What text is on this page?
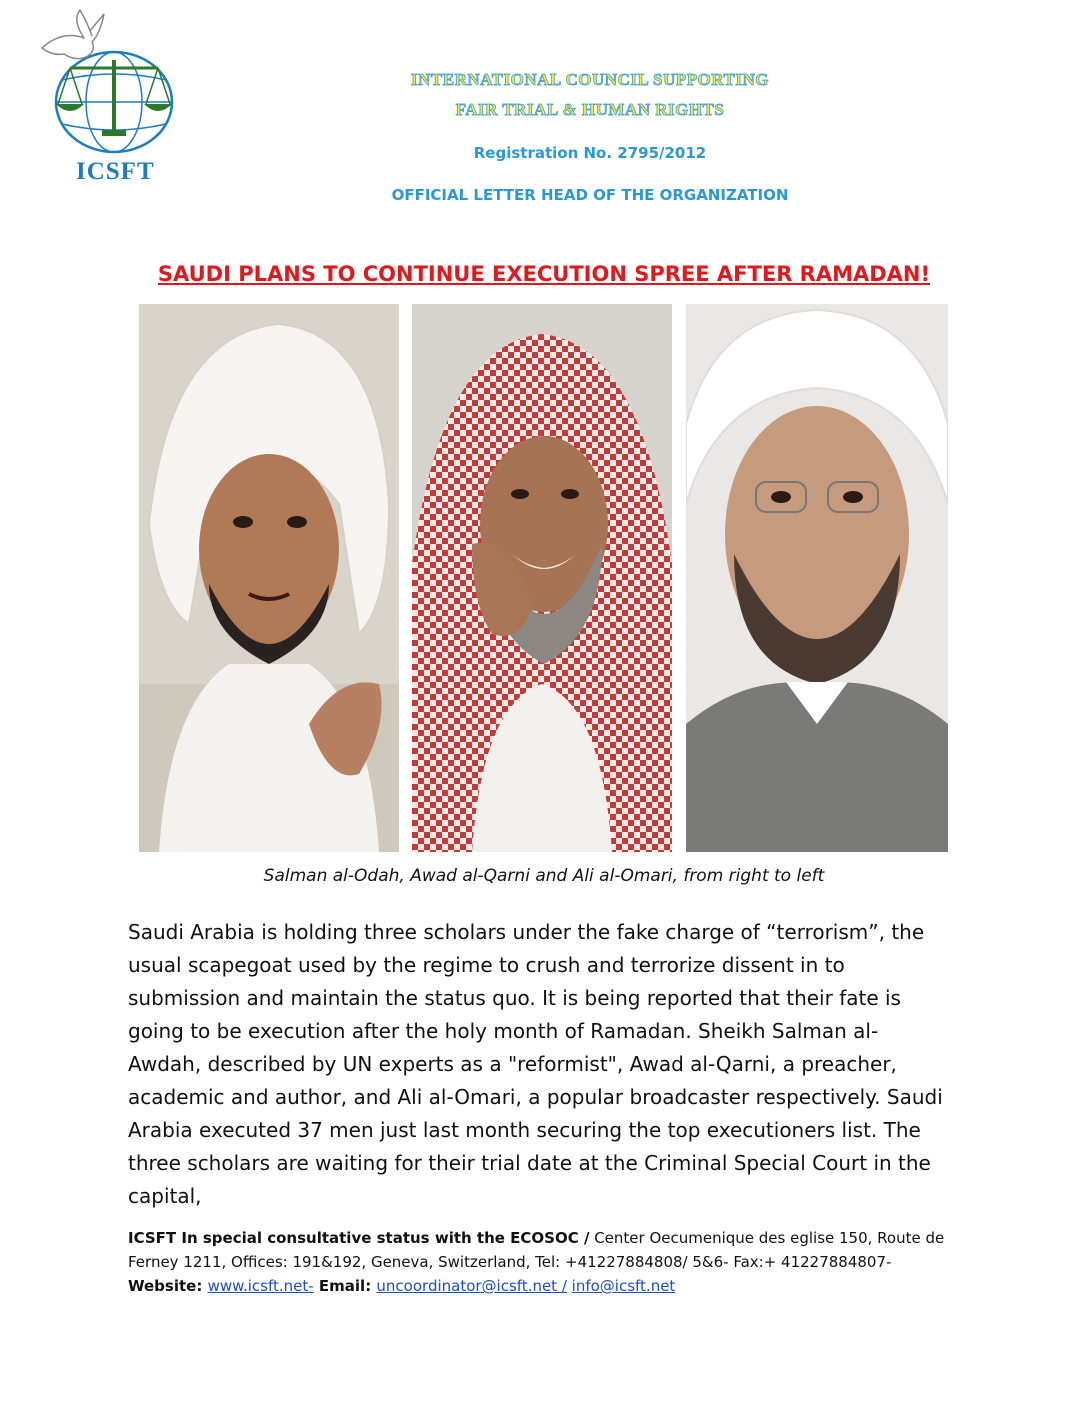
ICSFT
INTERNATIONAL COUNCIL SUPPORTING
FAIR TRIAL & HUMAN RIGHTS
Registration No. 2795/2012
OFFICIAL LETTER HEAD OF THE ORGANIZATION
SAUDI PLANS TO CONTINUE EXECUTION SPREE AFTER RAMADAN!
Salman al-Odah, Awad al-Qarni and Ali al-Omari, from right to left
Saudi Arabia is holding three scholars under the fake charge of “terrorism”, the usual scapegoat used by the regime to crush and terrorize dissent in to submission and maintain the status quo. It is being reported that their fate is going to be execution after the holy month of Ramadan. Sheikh Salman al-Awdah, described by UN experts as a "reformist", Awad al-Qarni, a preacher, academic and author, and Ali al-Omari, a popular broadcaster respectively. Saudi Arabia executed 37 men just last month securing the top executioners list. The three scholars are waiting for their trial date at the Criminal Special Court in the capital,
ICSFT In special consultative status with the ECOSOC / Center Oecumenique des eglise 150, Route de Ferney 1211, Offices: 191&192, Geneva, Switzerland, Tel: +41227884808/ 5&6- Fax:+ 41227884807-
Website: www.icsft.net- Email: uncoordinator@icsft.net / info@icsft.net
